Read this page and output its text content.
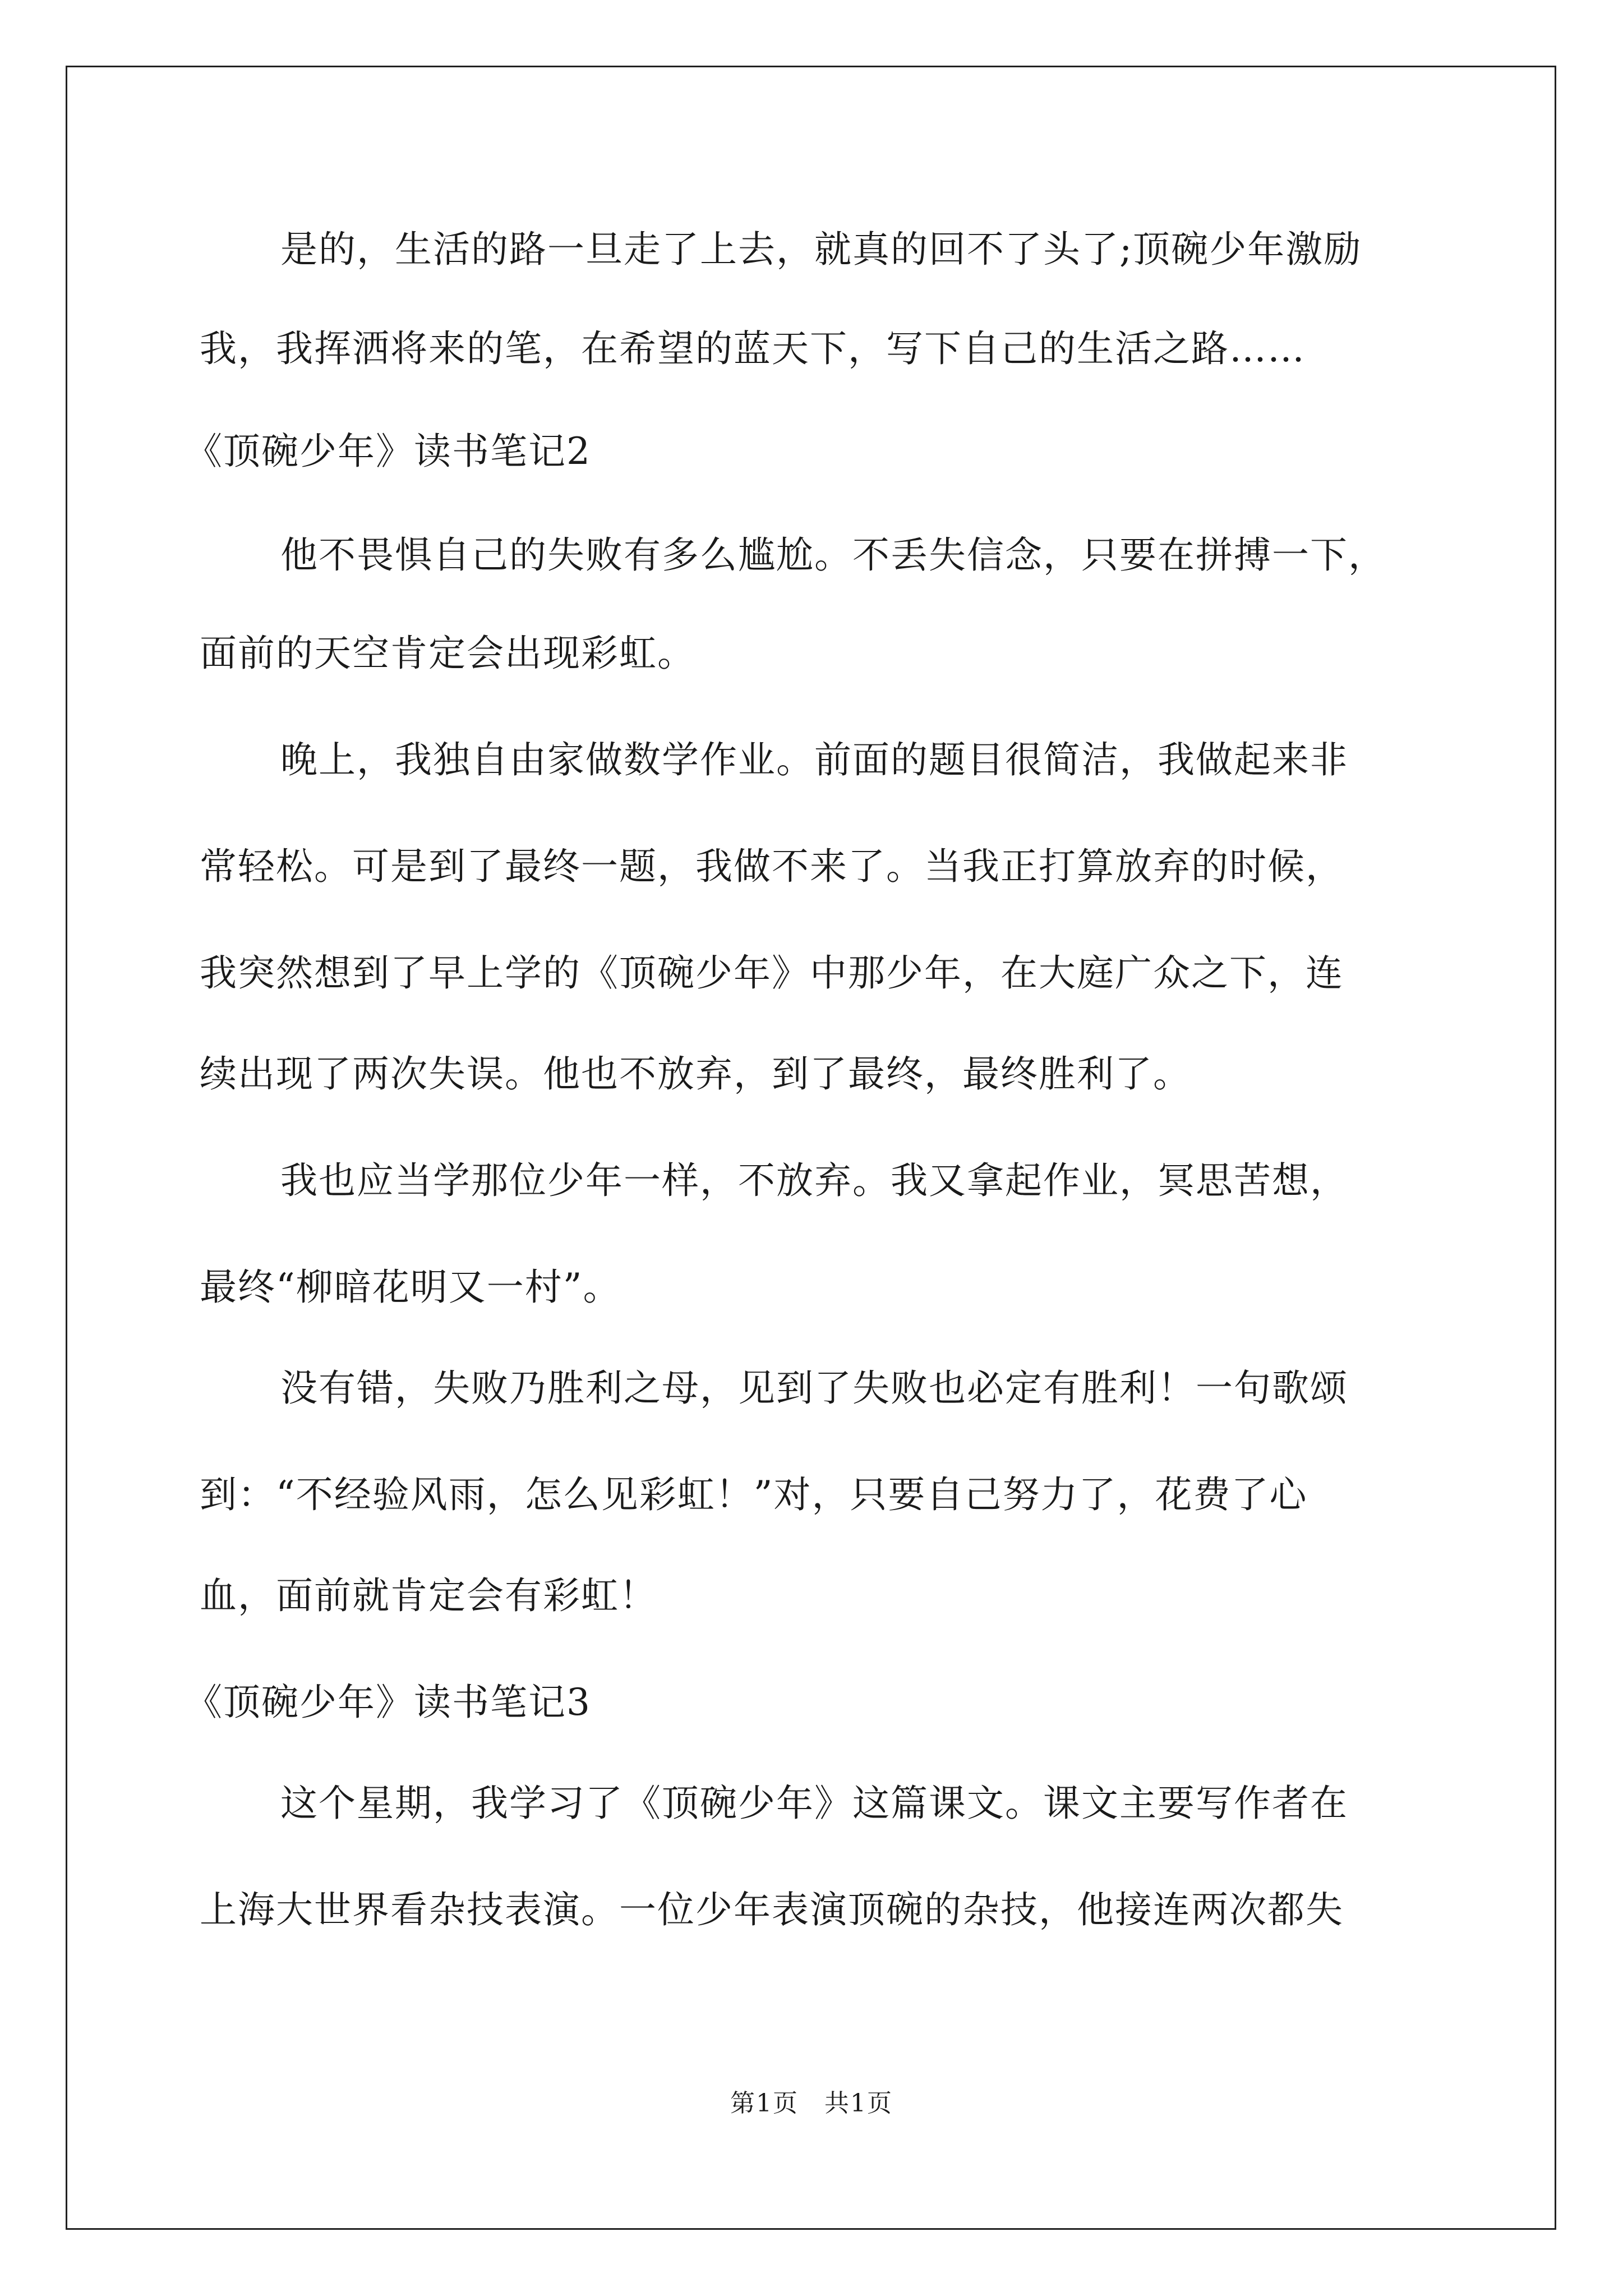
是的，生活的路一旦走了上去，就真的回不了头了;顶碗少年激励
我，我挥洒将来的笔，在希望的蓝天下，写下自己的生活之路……
《顶碗少年》读书笔记2
他不畏惧自己的失败有多么尴尬。不丢失信念，只要在拼搏一下，
面前的天空肯定会出现彩虹。
晚上，我独自由家做数学作业。前面的题目很简洁，我做起来非
常轻松。可是到了最终一题，我做不来了。当我正打算放弃的时候，
我突然想到了早上学的《顶碗少年》中那少年，在大庭广众之下，连
续出现了两次失误。他也不放弃，到了最终，最终胜利了。
我也应当学那位少年一样，不放弃。我又拿起作业，冥思苦想，
最终“柳暗花明又一村”。
没有错，失败乃胜利之母，见到了失败也必定有胜利！一句歌颂
到：“不经验风雨，怎么见彩虹！”对，只要自己努力了，花费了心
血，面前就肯定会有彩虹！
《顶碗少年》读书笔记3
这个星期，我学习了《顶碗少年》这篇课文。课文主要写作者在
上海大世界看杂技表演。一位少年表演顶碗的杂技，他接连两次都失
第1页　共1页
